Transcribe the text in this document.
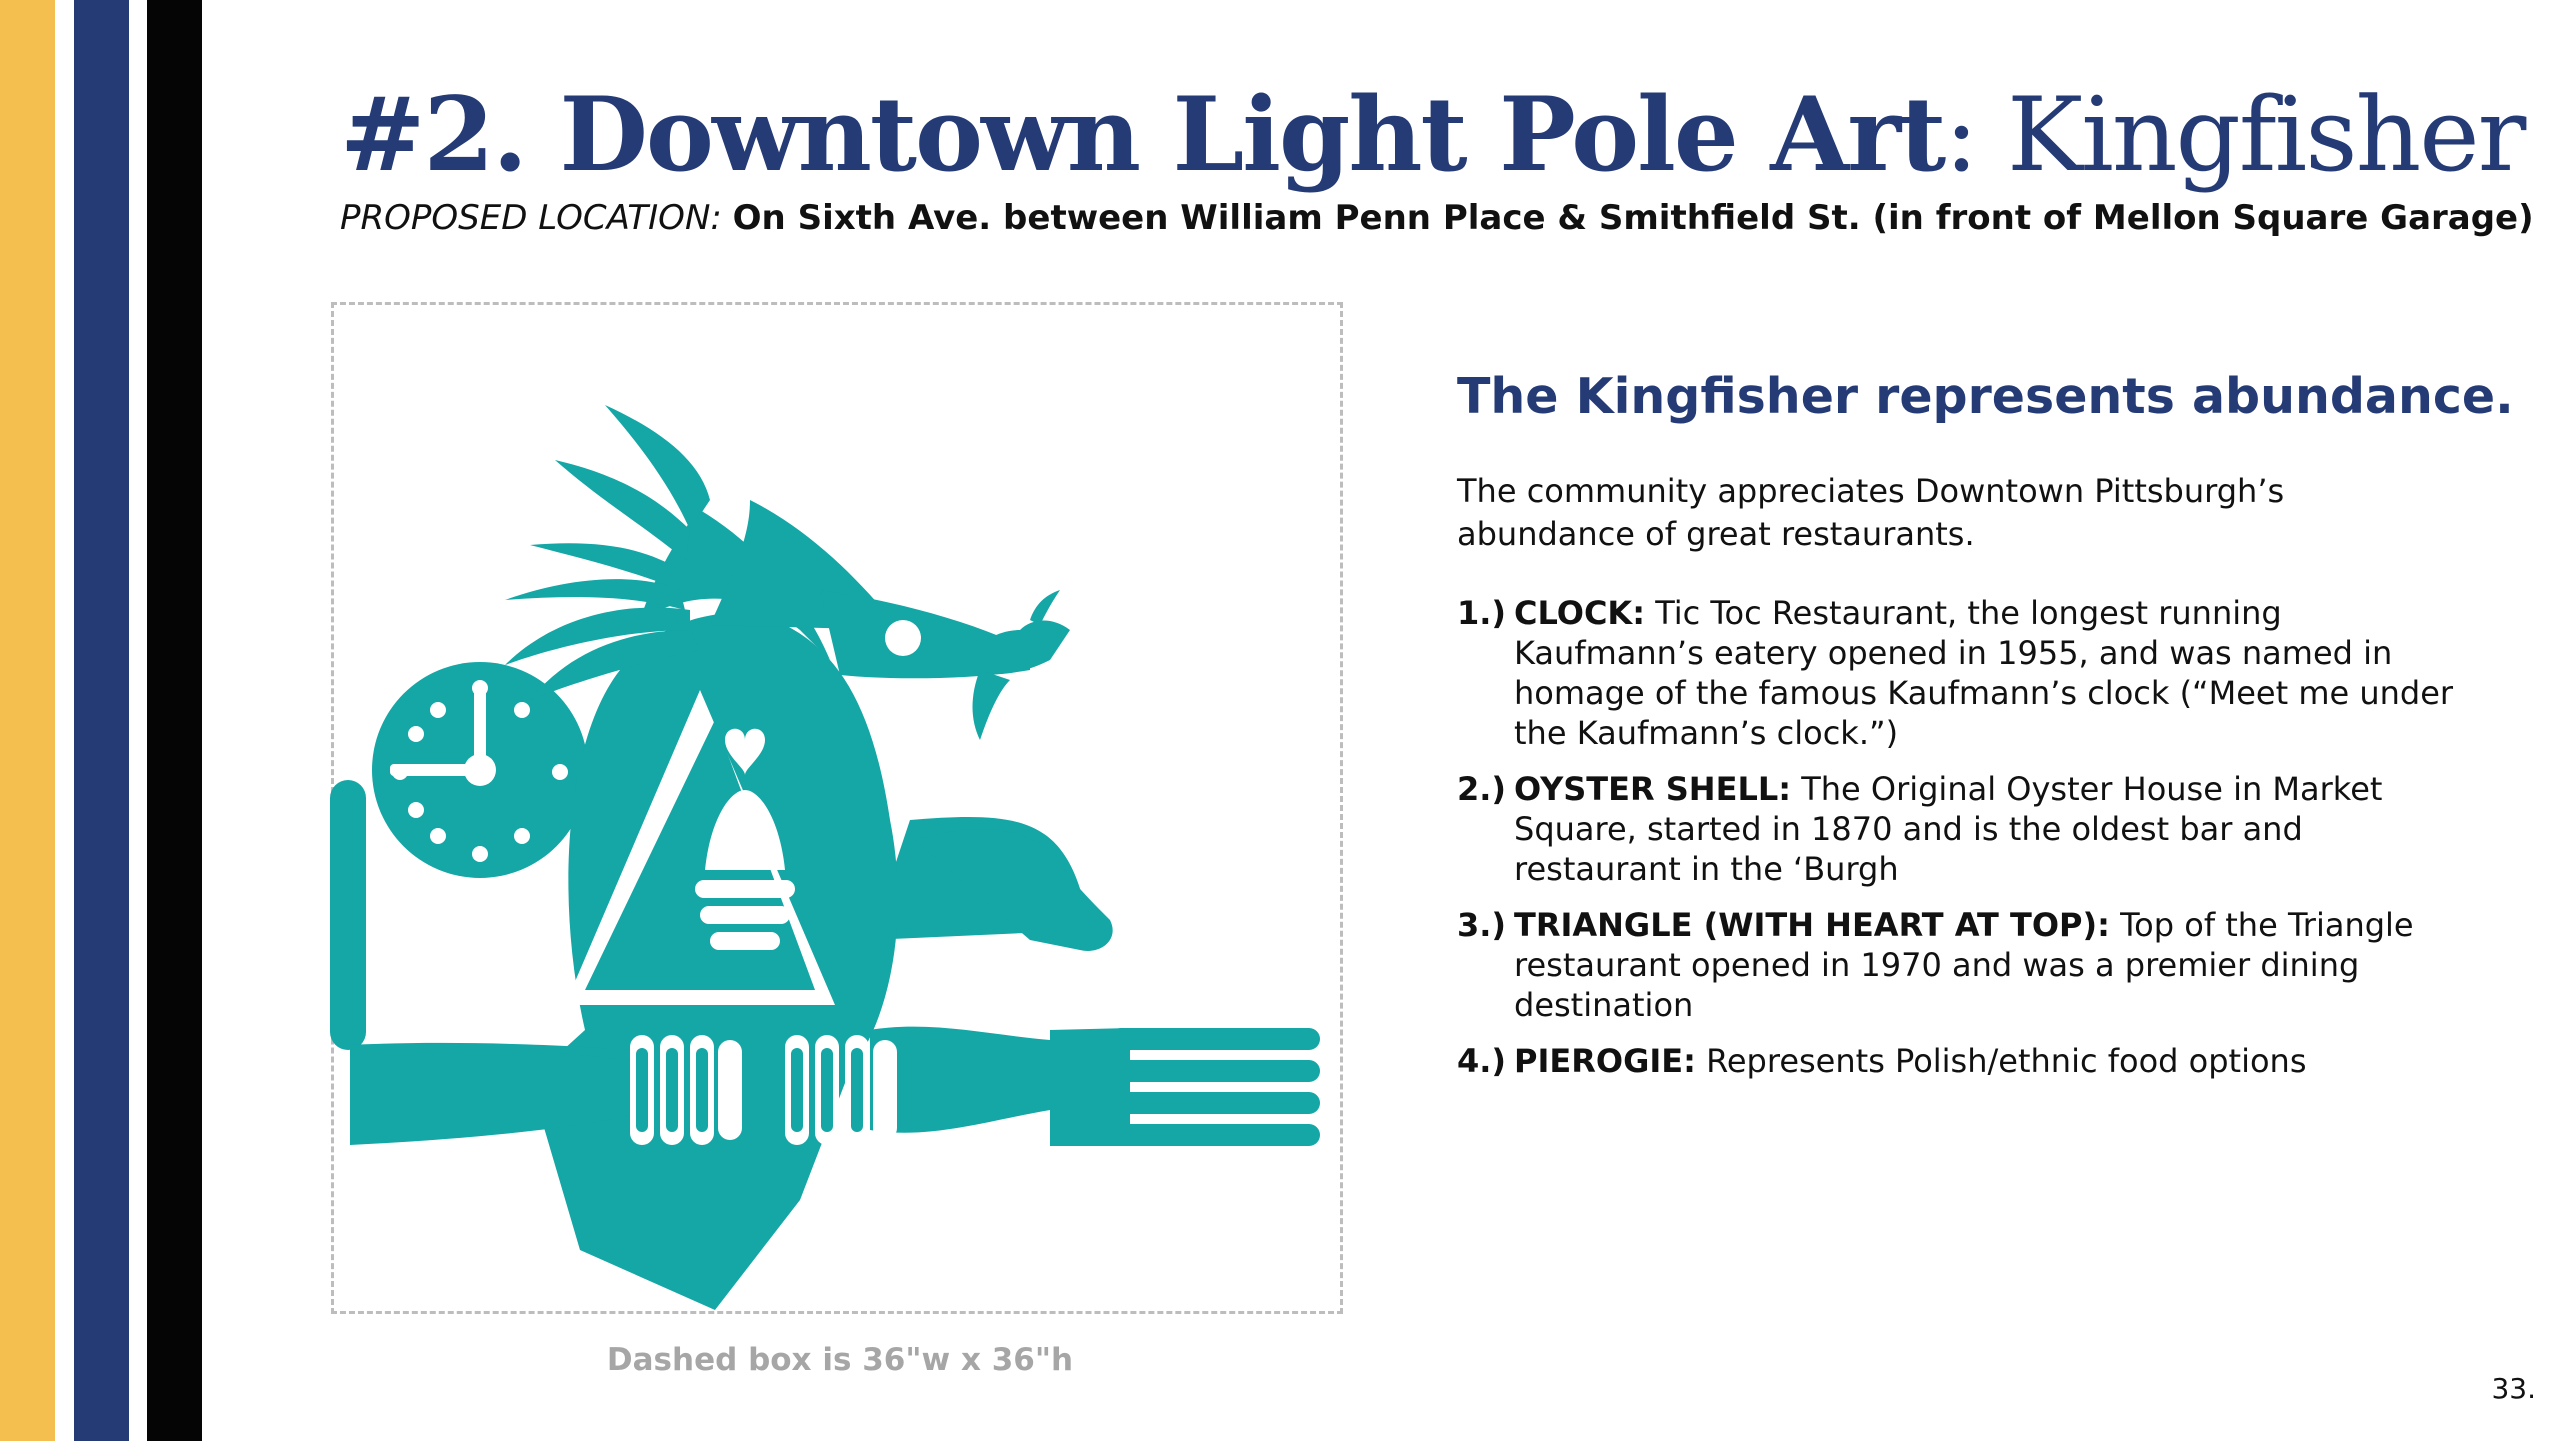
#2. Downtown Light Pole Art: Kingfisher
PROPOSED LOCATION: On Sixth Ave. between William Penn Place & Smithfield St. (in front of Mellon Square Garage)
Dashed box is 36"w x 36"h
The Kingfisher represents abundance.
The community appreciates Downtown Pittsburgh’s abundance of great restaurants.
1.) CLOCK: Tic Toc Restaurant, the longest running Kaufmann’s eatery opened in 1955, and was named in homage of the famous Kaufmann’s clock (“Meet me under the Kaufmann’s clock.”)
2.) OYSTER SHELL: The Original Oyster House in Market Square, started in 1870 and is the oldest bar and restaurant in the ‘Burgh
3.) TRIANGLE (WITH HEART AT TOP): Top of the Triangle restaurant opened in 1970 and was a premier dining destination
4.) PIEROGIE: Represents Polish/ethnic food options
33.
